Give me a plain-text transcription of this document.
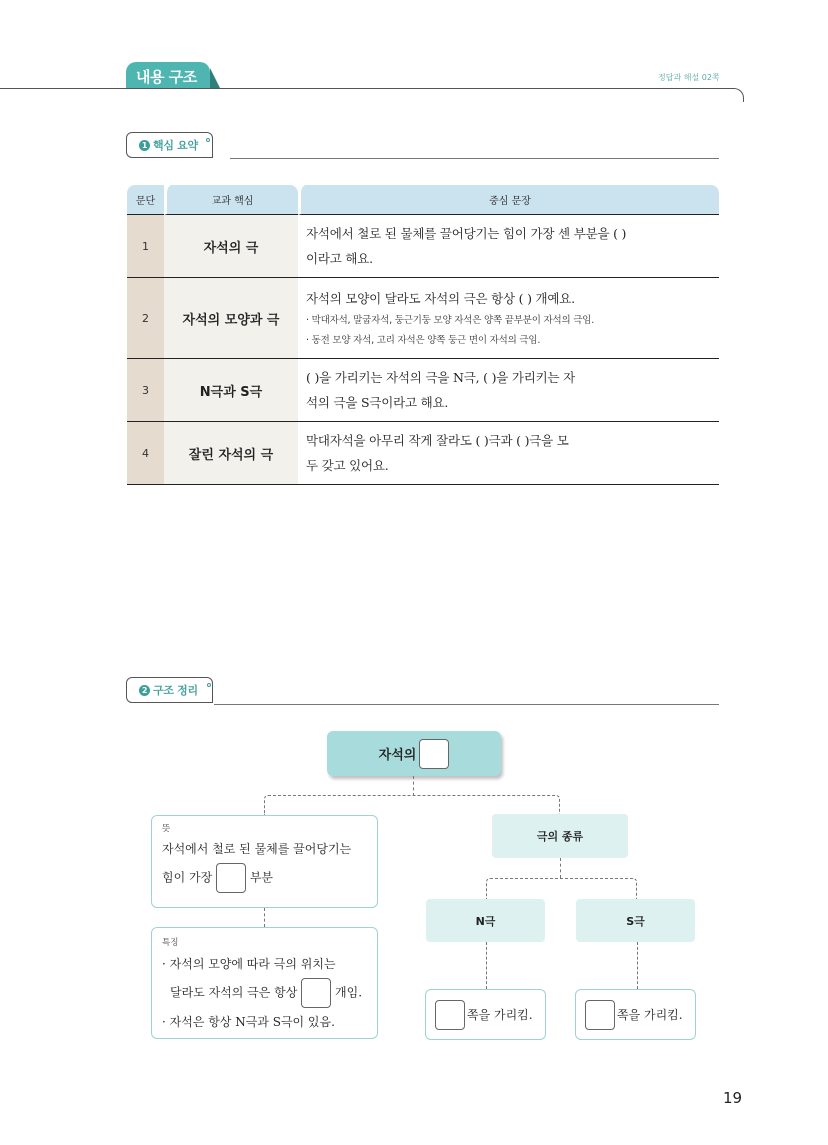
내용 구조화
정답과 해설 02쪽
1 핵심 요약
문단	교과 핵심	중심 문장
1	자석의 극	자석에서 철로 된 물체를 끌어당기는 힘이 가장 센 부분을 ( )
이라고 해요.

2	자석의 모양과 극	자석의 모양이 달라도 자석의 극은 항상 ( ) 개예요.
· 막대자석, 말굽자석, 둥근기둥 모양 자석은 양쪽 끝부분이 자석의 극임.
· 동전 모양 자석, 고리 자석은 양쪽 둥근 면이 자석의 극임.

3	N극과 S극	( )을 가리키는 자석의 극을 N극, ( )을 가리키는 자
석의 극을 S극이라고 해요.

4	잘린 자석의 극	막대자석을 아무리 작게 잘라도 ( )극과 ( )극을 모
두 갖고 있어요.
2 구조 정리
자석의
뜻
자석에서 철로 된 물체를 끌어당기는
힘이 가장	부분
특징
· 자석의 모양에 따라 극의 위치는
달라도 자석의 극은 항상	개임.
· 자석은 항상 N극과 S극이 있음.
극의 종류
N극	S극
쪽을 가리킴.	쪽을 가리킴.
19
